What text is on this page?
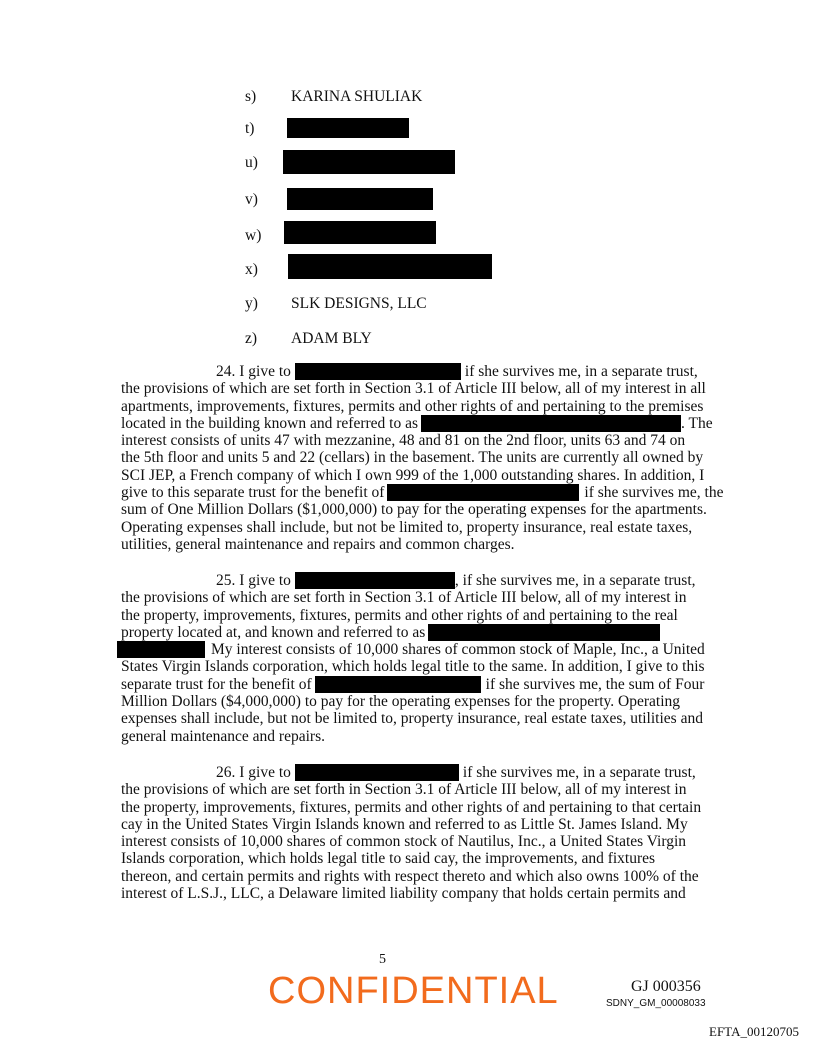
s) KARINA SHULIAK
t)
u)
v)
w)
x)
y) SLK DESIGNS, LLC
z) ADAM BLY
24. I give to	if she survives me, in a separate trust,
the provisions of which are set forth in Section 3.1 of Article III below, all of my interest in all
apartments, improvements, fixtures, permits and other rights of and pertaining to the premises
located in the building known and referred to as	. The
interest consists of units 47 with mezzanine, 48 and 81 on the 2nd floor, units 63 and 74 on
the 5th floor and units 5 and 22 (cellars) in the basement. The units are currently all owned by
SCI JEP, a French company of which I own 999 of the 1,000 outstanding shares. In addition, I
give to this separate trust for the benefit of	if she survives me, the
sum of One Million Dollars ($1,000,000) to pay for the operating expenses for the apartments.
Operating expenses shall include, but not be limited to, property insurance, real estate taxes,
utilities, general maintenance and repairs and common charges.
25. I give to	, if she survives me, in a separate trust,
the provisions of which are set forth in Section 3.1 of Article III below, all of my interest in
the property, improvements, fixtures, permits and other rights of and pertaining to the real
property located at, and known and referred to as
My interest consists of 10,000 shares of common stock of Maple, Inc., a United
States Virgin Islands corporation, which holds legal title to the same. In addition, I give to this
separate trust for the benefit of	if she survives me, the sum of Four
Million Dollars ($4,000,000) to pay for the operating expenses for the property. Operating
expenses shall include, but not be limited to, property insurance, real estate taxes, utilities and
general maintenance and repairs.
26. I give to	if she survives me, in a separate trust,
the provisions of which are set forth in Section 3.1 of Article III below, all of my interest in
the property, improvements, fixtures, permits and other rights of and pertaining to that certain
cay in the United States Virgin Islands known and referred to as Little St. James Island. My
interest consists of 10,000 shares of common stock of Nautilus, Inc., a United States Virgin
Islands corporation, which holds legal title to said cay, the improvements, and fixtures
thereon, and certain permits and rights with respect thereto and which also owns 100% of the
interest of L.S.J., LLC, a Delaware limited liability company that holds certain permits and
5
CONFIDENTIAL	GJ 000356
SDNY_GM_00008033
EFTA_00120705
